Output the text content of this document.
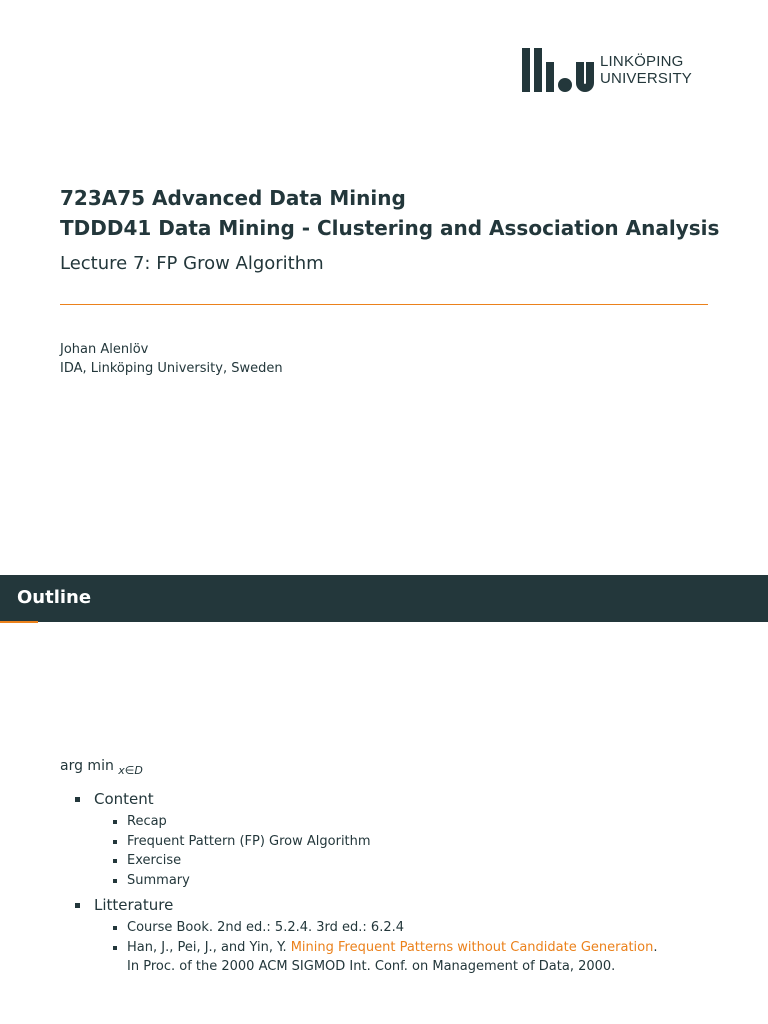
LINKÖPING
UNIVERSITY
723A75 Advanced Data Mining
TDDD41 Data Mining - Clustering and Association Analysis
Lecture 7: FP Grow Algorithm
Johan Alenlöv
IDA, Linköping University, Sweden
Outline
arg min $_{x\in D}$
Content
Recap
Frequent Pattern (FP) Grow Algorithm
Exercise
Summary
Litterature
Course Book. 2nd ed.: 5.2.4. 3rd ed.: 6.2.4
Han, J., Pei, J., and Yin, Y. Mining Frequent Patterns without Candidate Generation.
In Proc. of the 2000 ACM SIGMOD Int. Conf. on Management of Data, 2000.
